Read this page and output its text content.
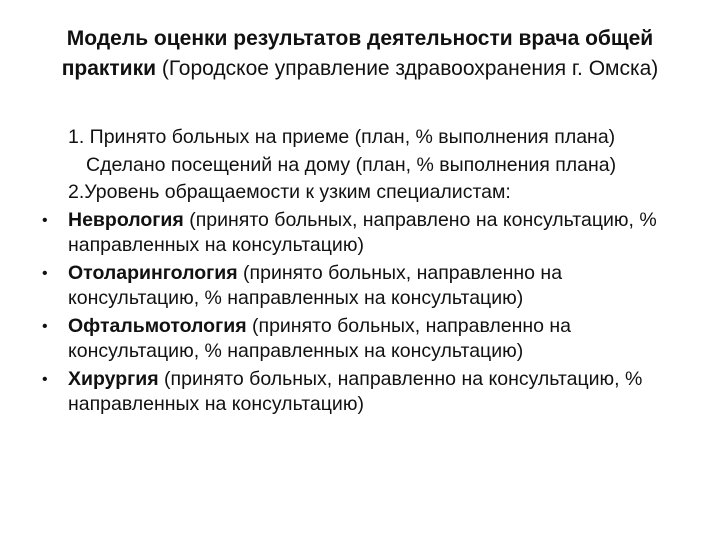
Модель оценки результатов деятельности врача общей практики (Городское управление здравоохранения г. Омска)
1. Принято больных на приеме (план, % выполнения плана)
Сделано посещений на дому (план, % выполнения плана)
2.Уровень обращаемости к узким специалистам:
• Неврология (принято больных, направлено на консультацию, % направленных на консультацию)
• Отоларингология (принято больных, направленно на консультацию, % направленных на консультацию)
• Офтальмотология (принято больных, направленно на консультацию, % направленных на консультацию)
• Хирургия (принято больных, направленно на консультацию, % направленных на консультацию)
